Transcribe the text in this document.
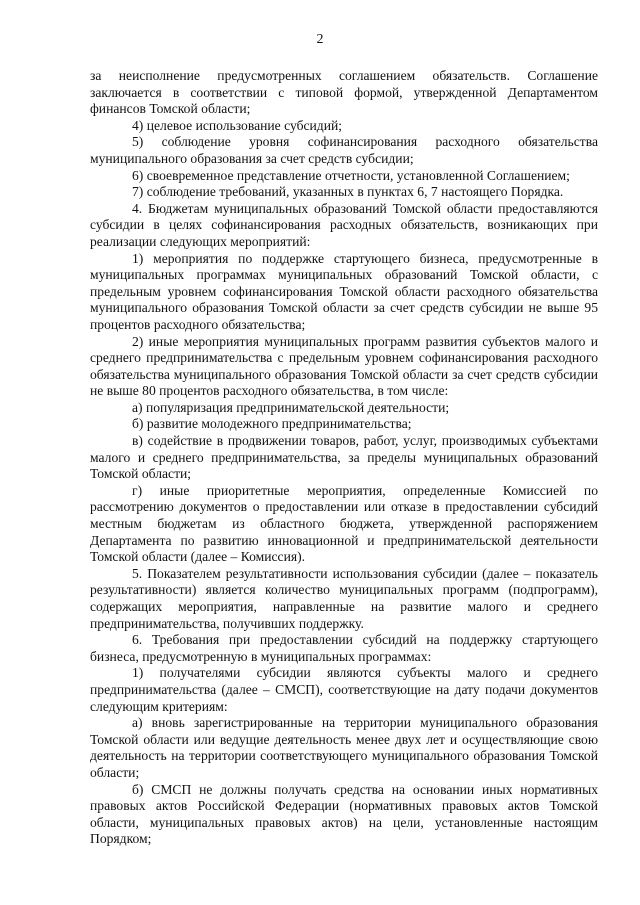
2

за неисполнение предусмотренных соглашением обязательств. Соглашение заключается в соответствии с типовой формой, утвержденной Департаментом финансов Томской области;

4) целевое использование субсидий;

5) соблюдение уровня софинансирования расходного обязательства муниципального образования за счет средств субсидии;

6) своевременное представление отчетности, установленной Соглашением;

7) соблюдение требований, указанных в пунктах 6, 7 настоящего Порядка.

4. Бюджетам муниципальных образований Томской области предоставляются субсидии в целях софинансирования расходных обязательств, возникающих при реализации следующих мероприятий:

1) мероприятия по поддержке стартующего бизнеса, предусмотренные в муниципальных программах муниципальных образований Томской области, с предельным уровнем софинансирования Томской области расходного обязательства муниципального образования Томской области за счет средств субсидии не выше 95 процентов расходного обязательства;

2) иные мероприятия муниципальных программ развития субъектов малого и среднего предпринимательства с предельным уровнем софинансирования расходного обязательства муниципального образования Томской области за счет средств субсидии не выше 80 процентов расходного обязательства, в том числе:

а) популяризация предпринимательской деятельности;

б) развитие молодежного предпринимательства;

в) содействие в продвижении товаров, работ, услуг, производимых субъектами малого и среднего предпринимательства, за пределы муниципальных образований Томской области;

г) иные приоритетные мероприятия, определенные Комиссией по рассмотрению документов о предоставлении или отказе в предоставлении субсидий местным бюджетам из областного бюджета, утвержденной распоряжением Департамента по развитию инновационной и предпринимательской деятельности Томской области (далее – Комиссия).

5. Показателем результативности использования субсидии (далее – показатель результативности) является количество муниципальных программ (подпрограмм), содержащих мероприятия, направленные на развитие малого и среднего предпринимательства, получивших поддержку.

6. Требования при предоставлении субсидий на поддержку стартующего бизнеса, предусмотренную в муниципальных программах:

1) получателями субсидии являются субъекты малого и среднего предпринимательства (далее – СМСП), соответствующие на дату подачи документов следующим критериям:

а) вновь зарегистрированные на территории муниципального образования Томской области или ведущие деятельность менее двух лет и осуществляющие свою деятельность на территории соответствующего муниципального образования Томской области;

б) СМСП не должны получать средства на основании иных нормативных правовых актов Российской Федерации (нормативных правовых актов Томской области, муниципальных правовых актов) на цели, установленные настоящим Порядком;
